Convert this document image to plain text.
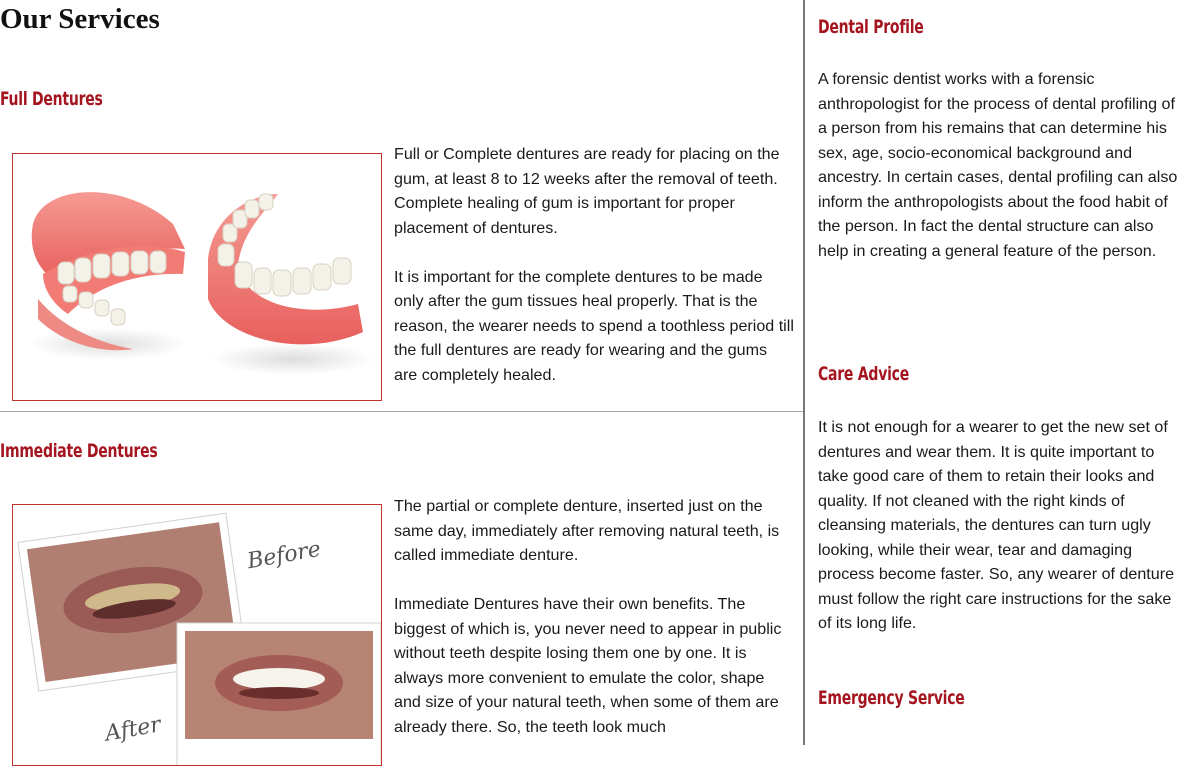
Our Services
Full Dentures

Full or Complete dentures are ready for placing on the gum, at least 8 to 12 weeks after the removal of teeth. Complete healing of gum is important for proper placement of dentures.

It is important for the complete dentures to be made only after the gum tissues heal properly. That is the reason, the wearer needs to spend a toothless period till the full dentures are ready for wearing and the gums are completely healed.

Immediate Dentures
Before
After

The partial or complete denture, inserted just on the same day, immediately after removing natural teeth, is called immediate denture.

Immediate Dentures have their own benefits. The biggest of which is, you never need to appear in public without teeth despite losing them one by one. It is always more convenient to emulate the color, shape and size of your natural teeth, when some of them are already there. So, the teeth look much

Dental Profile

A forensic dentist works with a forensic anthropologist for the process of dental profiling of a person from his remains that can determine his sex, age, socio-economical background and ancestry. In certain cases, dental profiling can also inform the anthropologists about the food habit of the person. In fact the dental structure can also help in creating a general feature of the person.

Care Advice

It is not enough for a wearer to get the new set of dentures and wear them. It is quite important to take good care of them to retain their looks and quality. If not cleaned with the right kinds of cleansing materials, the dentures can turn ugly looking, while their wear, tear and damaging process become faster. So, any wearer of denture must follow the right care instructions for the sake of its long life.

Emergency Service
